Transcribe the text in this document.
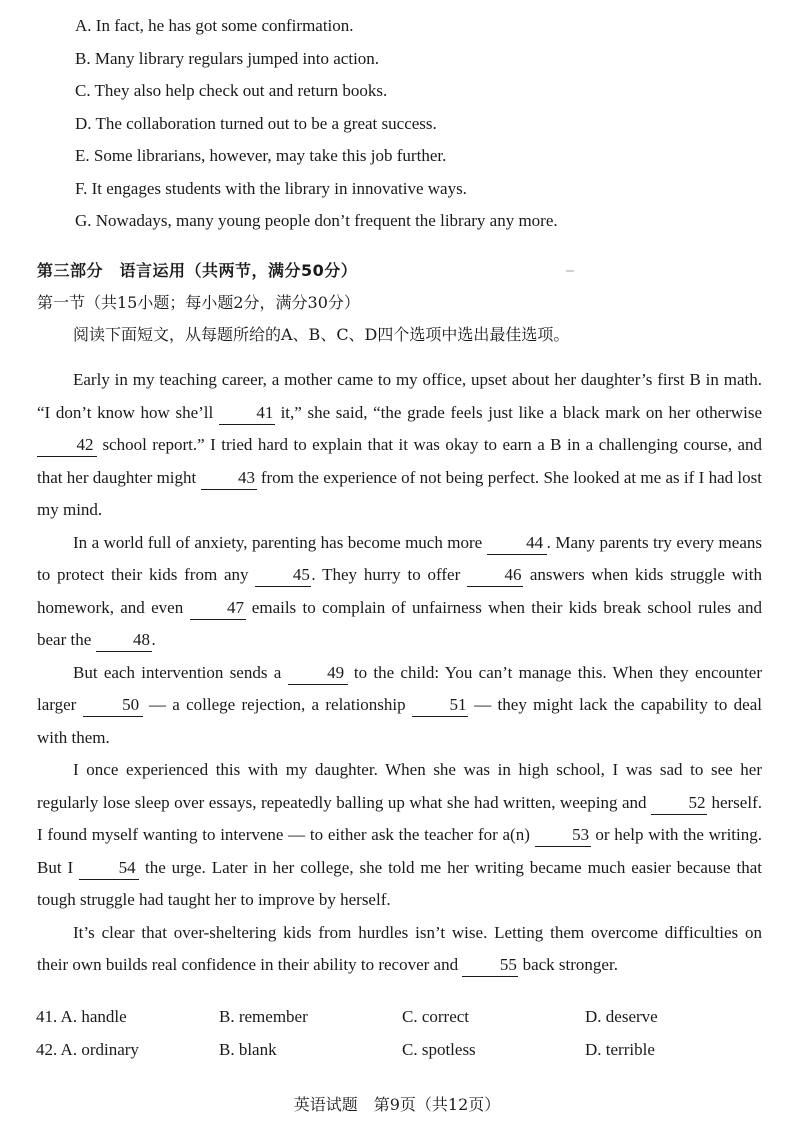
A. In fact, he has got some confirmation.
B. Many library regulars jumped into action.
C. They also help check out and return books.
D. The collaboration turned out to be a great success.
E. Some librarians, however, may take this job further.
F. It engages students with the library in innovative ways.
G. Nowadays, many young people don’t frequent the library any more.
第三部分　语言运用（共两节，满分50分）
第一节（共15小题；每小题2分，满分30分）
阅读下面短文，从每题所给的A、B、C、D四个选项中选出最佳选项。

Early in my teaching career, a mother came to my office, upset about her daughter’s first B in math. “I don’t know how she’ll 41 it,” she said, “the grade feels just like a black mark on her otherwise 42 school report.” I tried hard to explain that it was okay to earn a B in a challenging course, and that her daughter might 43 from the experience of not being perfect. She looked at me as if I had lost my mind.

In a world full of anxiety, parenting has become much more 44 . Many parents try every means to protect their kids from any 45. They hurry to offer 46 answers when kids struggle with homework, and even 47 emails to complain of unfairness when their kids break school rules and bear the 48.

But each intervention sends a 49 to the child: You can’t manage this. When they encounter larger 50 — a college rejection, a relationship 51 — they might lack the capability to deal with them.

I once experienced this with my daughter. When she was in high school, I was sad to see her regularly lose sleep over essays, repeatedly balling up what she had written, weeping and 52 herself. I found myself wanting to intervene — to either ask the teacher for a(n) 53 or help with the writing. But I 54 the urge. Later in her college, she told me her writing became much easier because that tough struggle had taught her to improve by herself.

It’s clear that over-sheltering kids from hurdles isn’t wise. Letting them overcome difficulties on their own builds real confidence in their ability to recover and 55 back stronger.

41. A. handle	B. remember	C. correct	D. deserve
42. A. ordinary	B. blank	C. spotless	D. terrible
英语试题　第9页（共12页）
